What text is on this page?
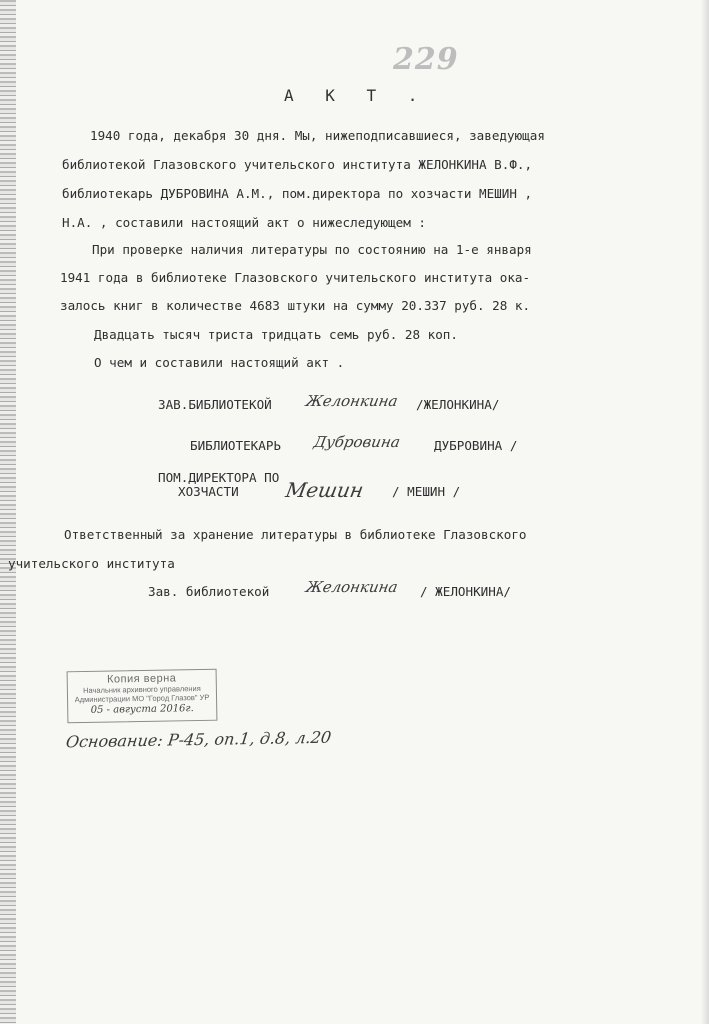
229
А К Т .
1940 года, декабря 30 дня. Мы, нижеподписавшиеся, заведующая
библиотекой Глазовского учительского института ЖЕЛОНКИНА В.Ф.,
библиотекарь ДУБРОВИНА А.М., пом.директора по хозчасти МЕШИН ,
Н.А. , составили настоящий акт о нижеследующем :
При проверке наличия литературы по состоянию на 1-е января
1941 года в библиотеке Глазовского учительского института ока-
залось книг в количестве 4683 штуки на сумму 20.337 руб. 28 к.
Двадцать тысяч триста тридцать семь руб. 28 коп.
О чем и составили настоящий акт .
ЗАВ.БИБЛИОТЕКОЙ Желонкина /ЖЕЛОНКИНА/
БИБЛИОТЕКАРЬ Дубровина	ДУБРОВИНА /
ПОМ.ДИРЕКТОРА ПО
ХОЗЧАСТИ Мешин / МЕШИН /
Ответственный за хранение литературы в библиотеке Глазовского
учительского института
Зав. библиотекой Желонкина / ЖЕЛОНКИНА/
Копия верна
Начальник архивного управления
Администрации МО "Город Глазов" УР
05 - августа 2016г.
Основание: Р-45, оп.1, д.8, л.20
